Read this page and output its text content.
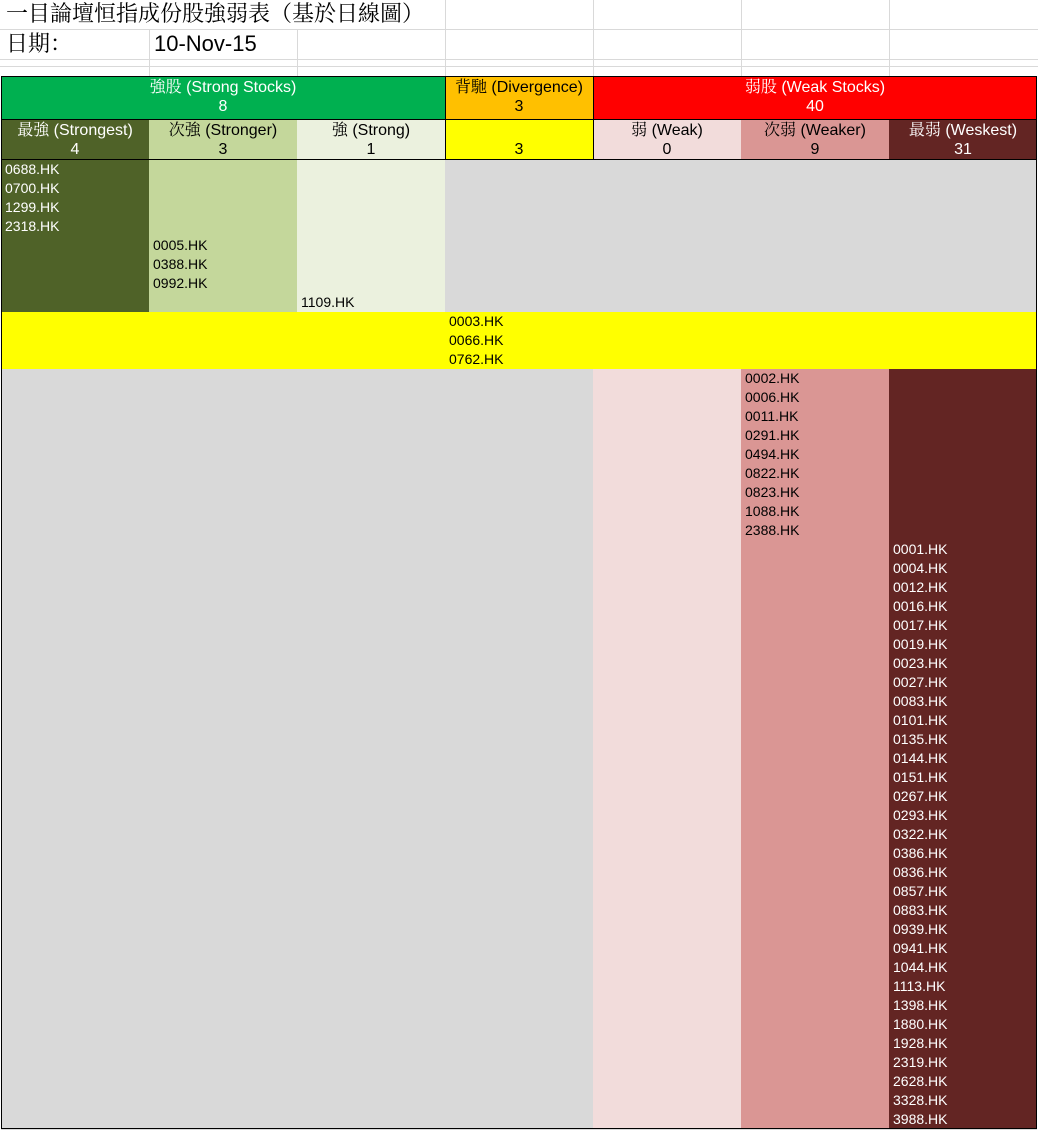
一目論壇恒指成份股強弱表（基於日線圖）
日期：	10-Nov-15
強股 (Strong Stocks)
8
背馳 (Divergence)
3
弱股 (Weak Stocks)
40
最強 (Strongest)
4
0688.HK
0700.HK
1299.HK
2318.HK
次強 (Stronger)
3
0005.HK
0388.HK
0992.HK
強 (Strong)
1
1109.HK
3
0003.HK
0066.HK
0762.HK
弱 (Weak)
0
次弱 (Weaker)
9
0002.HK
0006.HK
0011.HK
0291.HK
0494.HK
0822.HK
0823.HK
1088.HK
2388.HK
最弱 (Weskest)
31
0001.HK
0004.HK
0012.HK
0016.HK
0017.HK
0019.HK
0023.HK
0027.HK
0083.HK
0101.HK
0135.HK
0144.HK
0151.HK
0267.HK
0293.HK
0322.HK
0386.HK
0836.HK
0857.HK
0883.HK
0939.HK
0941.HK
1044.HK
1113.HK
1398.HK
1880.HK
1928.HK
2319.HK
2628.HK
3328.HK
3988.HK
